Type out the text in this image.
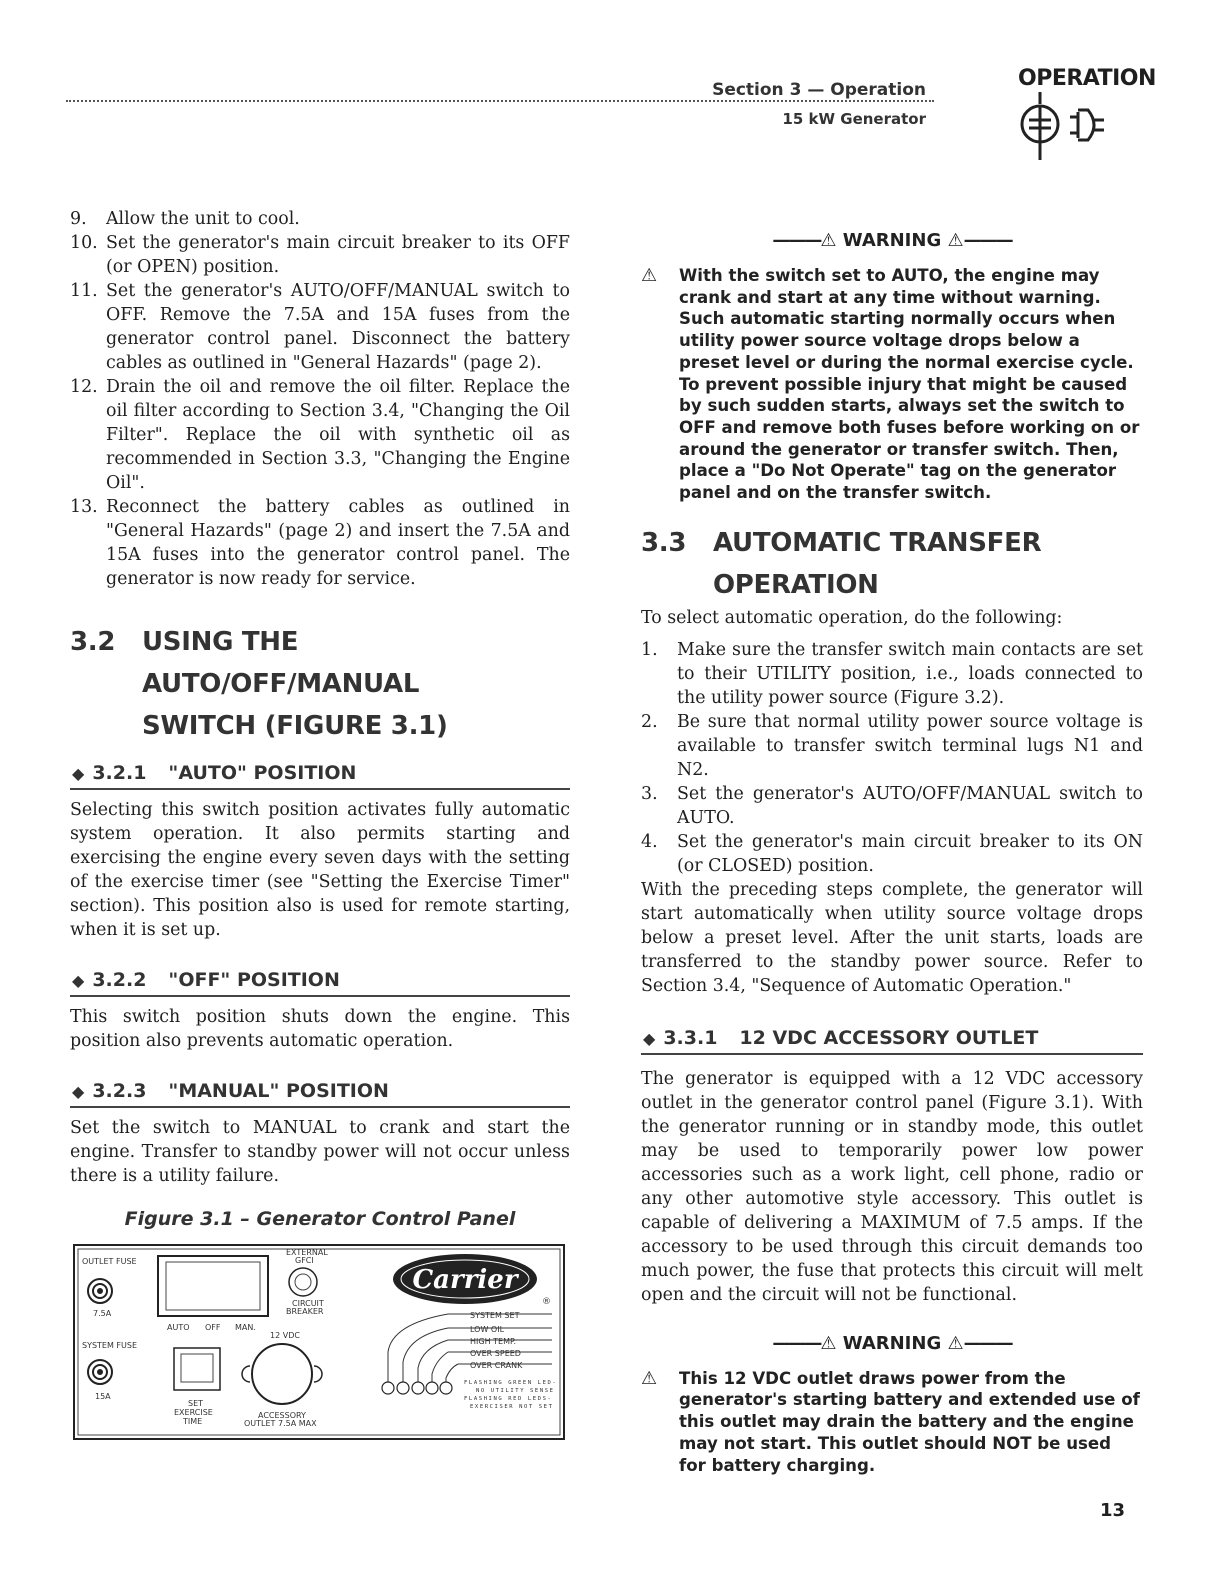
Section 3 — Operation
15 kW Generator
OPERATION
9.	Allow the unit to cool.
10. Set the generator's main circuit breaker to its OFF (or OPEN) position.
11. Set the generator's AUTO/OFF/MANUAL switch to OFF. Remove the 7.5A and 15A fuses from the generator control panel. Disconnect the battery cables as outlined in "General Hazards" (page 2).
12. Drain the oil and remove the oil filter. Replace the oil filter according to Section 3.4, "Changing the Oil Filter". Replace the oil with synthetic oil as recommended in Section 3.3, "Changing the Engine Oil".
13. Reconnect the battery cables as outlined in "General Hazards" (page 2) and insert the 7.5A and 15A fuses into the generator control panel. The generator is now ready for service.
3.2	USING THE AUTO/OFF/MANUAL
SWITCH (FIGURE 3.1)
◆ 3.2.1 "AUTO" POSITION

Selecting this switch position activates fully automatic system operation. It also permits starting and exercising the engine every seven days with the setting of the exercise timer (see "Setting the Exercise Timer" section). This position also is used for remote starting, when it is set up.

◆ 3.2.2 "OFF" POSITION

This switch position shuts down the engine. This position also prevents automatic operation.

◆ 3.2.3 "MANUAL" POSITION

Set the switch to MANUAL to crank and start the engine. Transfer to standby power will not occur unless there is a utility failure.

Figure 3.1 – Generator Control Panel
OUTLET FUSE
7.5A
SYSTEM FUSE
15A
AUTO OFF MAN.
SET
EXERCISE
TIME
EXTERNAL
GFCI
CIRCUIT
BREAKER
12 VDC
ACCESSORY
OUTLET 7.5A MAX
Carrier
®
SYSTEM SET
LOW OIL
HIGH TEMP.
OVER SPEED
OVER CRANK
FLASHING GREEN LED-
NO UTILITY SENSE
FLASHING RED LEDS-
EXERCISER NOT SET
———⚠ WARNING ⚠———
⚠	With the switch set to AUTO, the engine may crank and start at any time without warning. Such automatic starting normally occurs when utility power source voltage drops below a preset level or during the normal exercise cycle. To prevent possible injury that might be caused by such sudden starts, always set the switch to OFF and remove both fuses before working on or around the generator or transfer switch. Then, place a "Do Not Operate" tag on the generator panel and on the transfer switch.
3.3	AUTOMATIC TRANSFER
OPERATION

To select automatic operation, do the following:

1.	Make sure the transfer switch main contacts are set to their UTILITY position, i.e., loads connected to the utility power source (Figure 3.2).
2.	Be sure that normal utility power source voltage is available to transfer switch terminal lugs N1 and N2.
3.	Set the generator's AUTO/OFF/MANUAL switch to AUTO.
4.	Set the generator's main circuit breaker to its ON (or CLOSED) position.

With the preceding steps complete, the generator will start automatically when utility source voltage drops below a preset level. After the unit starts, loads are transferred to the standby power source. Refer to Section 3.4, "Sequence of Automatic Operation."

◆ 3.3.1 12 VDC ACCESSORY OUTLET

The generator is equipped with a 12 VDC accessory outlet in the generator control panel (Figure 3.1). With the generator running or in standby mode, this outlet may be used to temporarily power low power accessories such as a work light, cell phone, radio or any other automotive style accessory. This outlet is capable of delivering a MAXIMUM of 7.5 amps. If the accessory to be used through this circuit demands too much power, the fuse that protects this circuit will melt open and the circuit will not be functional.

———⚠ WARNING ⚠———
⚠	This 12 VDC outlet draws power from the generator's starting battery and extended use of this outlet may drain the battery and the engine may not start. This outlet should NOT be used for battery charging.
13
